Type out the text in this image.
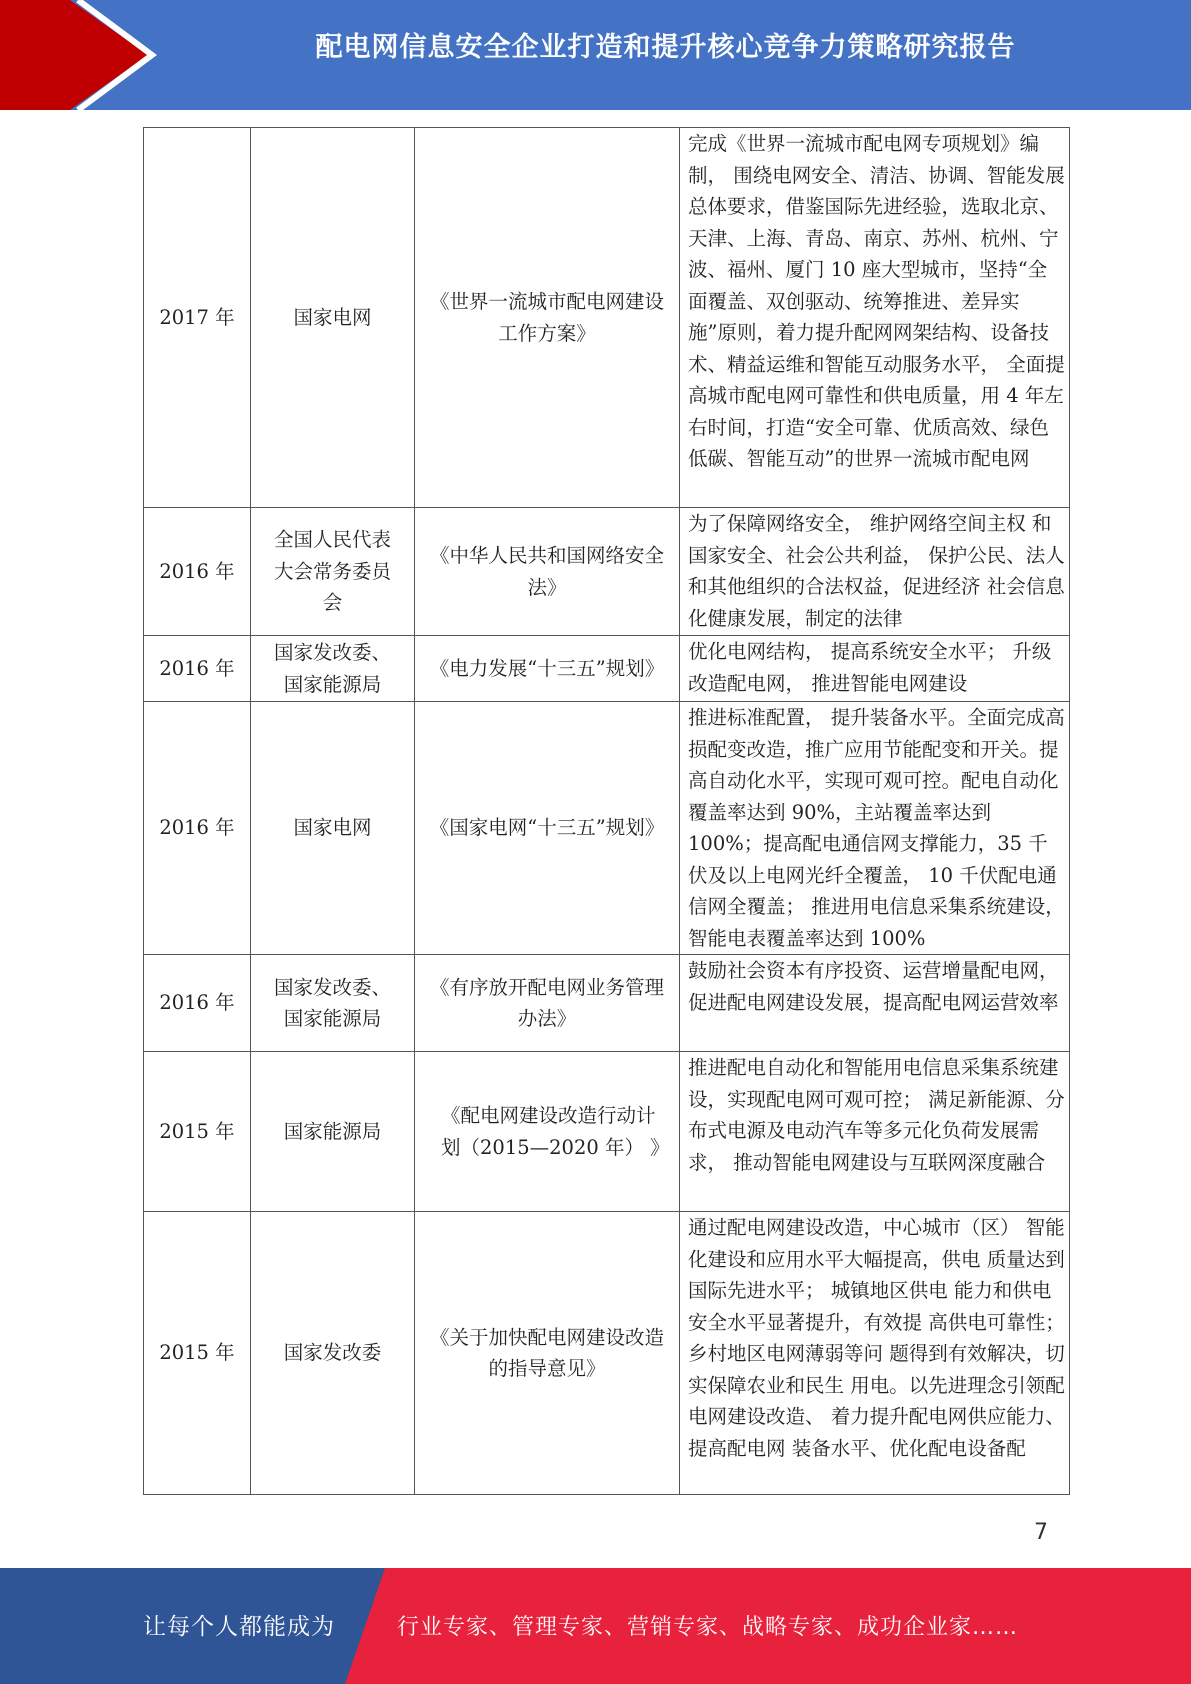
配电网信息安全企业打造和提升核心竞争力策略研究报告
2017 年	国家电网	《世界一流城市配电网建设工作方案》	完成《世界一流城市配电网专项规划》编制， 围绕电网安全、清洁、协调、智能发展总体要求，借鉴国际先进经验，选取北京、天津、上海、青岛、南京、苏州、杭州、宁波、福州、厦门 10 座大型城市，坚持“全面覆盖、双创驱动、统筹推进、差异实施”原则，着力提升配网网架结构、设备技术、精益运维和智能互动服务水平， 全面提高城市配电网可靠性和供电质量，用 4 年左右时间，打造“安全可靠、优质高效、绿色低碳、智能互动”的世界一流城市配电网
2016 年	全国人民代表大会常务委员会	《中华人民共和国网络安全法》	为了保障网络安全， 维护网络空间主权 和国家安全、社会公共利益， 保护公民、法人和其他组织的合法权益，促进经济 社会信息化健康发展，制定的法律
2016 年	国家发改委、国家能源局	《电力发展“十三五”规划》	优化电网结构， 提高系统安全水平； 升级改造配电网， 推进智能电网建设
2016 年	国家电网	《国家电网“十三五”规划》	推进标准配置， 提升装备水平。全面完成高损配变改造，推广应用节能配变和开关。提高自动化水平，实现可观可控。配电自动化覆盖率达到 90%，主站覆盖率达到 100%；提高配电通信网支撑能力，35 千伏及以上电网光纤全覆盖， 10 千伏配电通信网全覆盖； 推进用电信息采集系统建设， 智能电表覆盖率达到 100%
2016 年	国家发改委、国家能源局	《有序放开配电网业务管理办法》	鼓励社会资本有序投资、运营增量配电网，促进配电网建设发展，提高配电网运营效率
2015 年	国家能源局	《配电网建设改造行动计划（2015—2020 年） 》	推进配电自动化和智能用电信息采集系统建设，实现配电网可观可控； 满足新能源、分布式电源及电动汽车等多元化负荷发展需求， 推动智能电网建设与互联网深度融合
2015 年	国家发改委	《关于加快配电网建设改造的指导意见》	通过配电网建设改造，中心城市（区） 智能化建设和应用水平大幅提高，供电 质量达到国际先进水平； 城镇地区供电 能力和供电安全水平显著提升，有效提 高供电可靠性； 乡村地区电网薄弱等问 题得到有效解决，切实保障农业和民生 用电。以先进理念引领配电网建设改造、 着力提升配电网供应能力、提高配电网 装备水平、优化配电设备配
7
让每个人都能成为	行业专家、管理专家、营销专家、战略专家、成功企业家……
